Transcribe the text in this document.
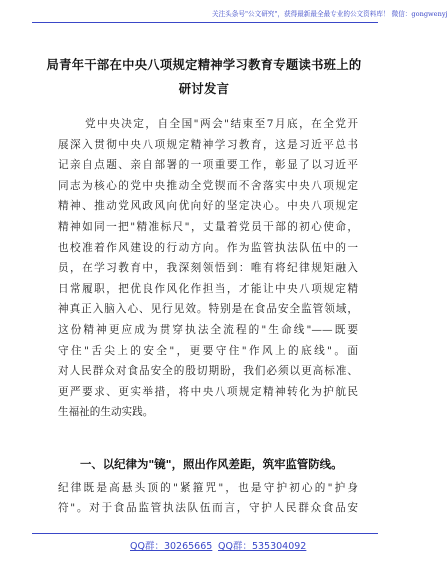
关注头条号"公文研究"，获得最新最全最专业的公文资料库！ 微信：gongwenyj
局青年干部在中央八项规定精神学习教育专题读书班上的
研讨发言
党中央决定，自全国"两会"结束至7月底，在全党开
展深入贯彻中央八项规定精神学习教育，这是习近平总书
记亲自点题、亲自部署的一项重要工作，彰显了以习近平
同志为核心的党中央推动全党锲而不舍落实中央八项规定
精神、推动党风政风向优向好的坚定决心。中央八项规定
精神如同一把"精准标尺"，丈量着党员干部的初心使命，
也校准着作风建设的行动方向。作为监管执法队伍中的一
员，在学习教育中，我深刻领悟到：唯有将纪律规矩融入
日常履职，把优良作风化作担当，才能让中央八项规定精
神真正入脑入心、见行见效。特别是在食品安全监管领域，
这份精神更应成为贯穿执法全流程的"生命线"——既要
守住"舌尖上的安全"，更要守住"作风上的底线"。面
对人民群众对食品安全的殷切期盼，我们必须以更高标准、
更严要求、更实举措，将中央八项规定精神转化为护航民
生福祉的生动实践。
一、以纪律为"镜"，照出作风差距，筑牢监管防线。
纪律既是高悬头顶的"紧箍咒"，也是守护初心的"护身
符"。对于食品监管执法队伍而言，守护人民群众食品安
QQ群：30265665 QQ群：535304092
